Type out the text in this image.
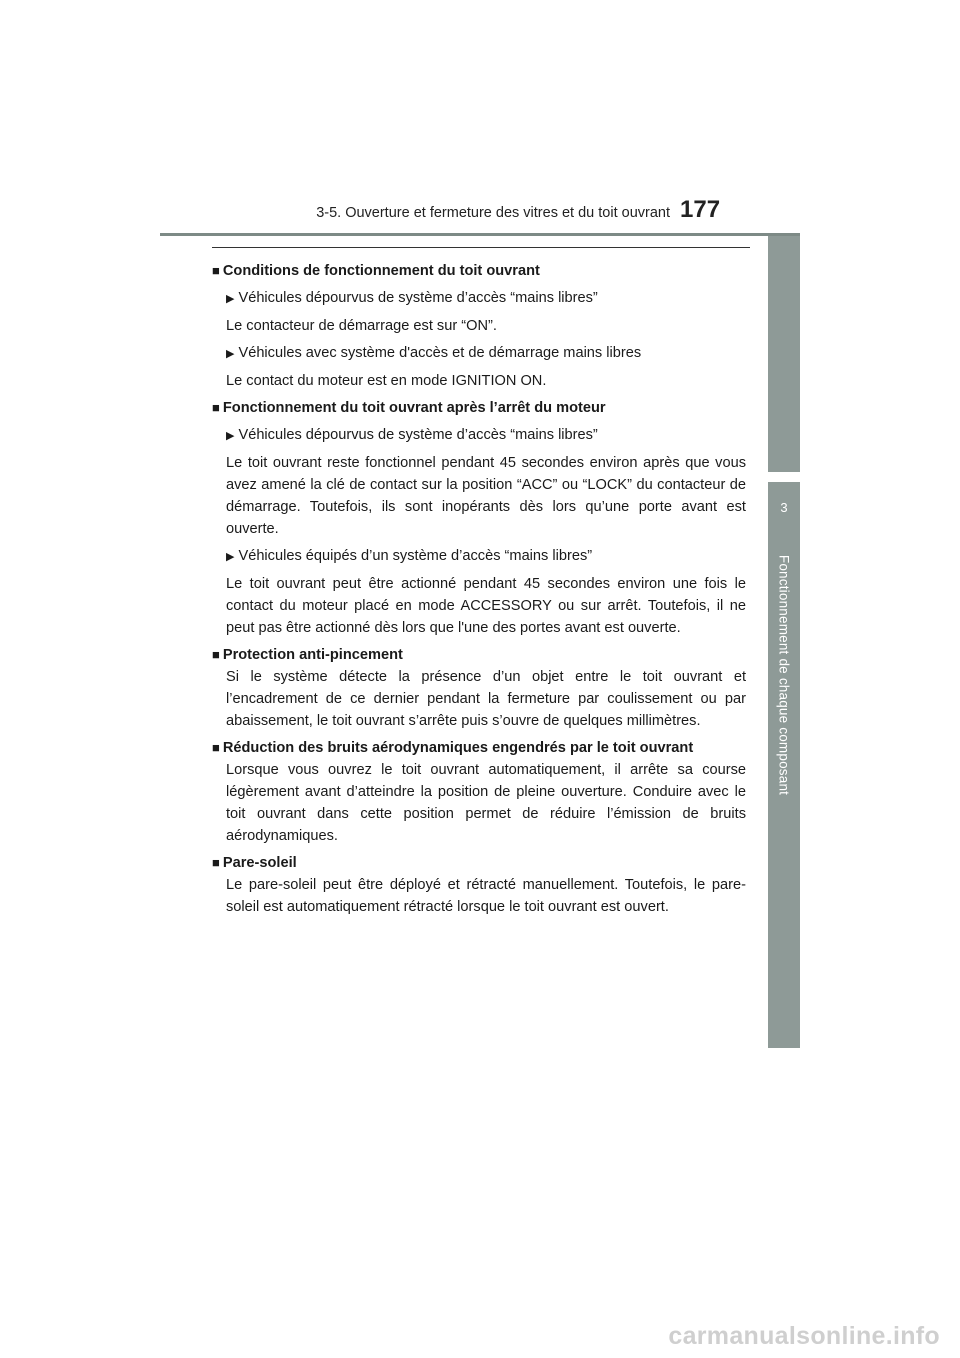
3-5. Ouverture et fermeture des vitres et du toit ouvrant 177
3
Fonctionnement de chaque composant

■ Conditions de fonctionnement du toit ouvrant

▶ Véhicules dépourvus de système d’accès “mains libres”

Le contacteur de démarrage est sur “ON”.

▶ Véhicules avec système d'accès et de démarrage mains libres

Le contact du moteur est en mode IGNITION ON.

■ Fonctionnement du toit ouvrant après l’arrêt du moteur

▶ Véhicules dépourvus de système d’accès “mains libres”

Le toit ouvrant reste fonctionnel pendant 45 secondes environ après que vous avez amené la clé de contact sur la position “ACC” ou “LOCK” du contacteur de démarrage. Toutefois, ils sont inopérants dès lors qu’une porte avant est ouverte.

▶ Véhicules équipés d’un système d’accès “mains libres”

Le toit ouvrant peut être actionné pendant 45 secondes environ une fois le contact du moteur placé en mode ACCESSORY ou sur arrêt. Toutefois, il ne peut pas être actionné dès lors que l'une des portes avant est ouverte.

■ Protection anti-pincement

Si le système détecte la présence d’un objet entre le toit ouvrant et l’encadrement de ce dernier pendant la fermeture par coulissement ou par abaissement, le toit ouvrant s’arrête puis s’ouvre de quelques millimètres.

■ Réduction des bruits aérodynamiques engendrés par le toit ouvrant

Lorsque vous ouvrez le toit ouvrant automatiquement, il arrête sa course légèrement avant d’atteindre la position de pleine ouverture. Conduire avec le toit ouvrant dans cette position permet de réduire l’émission de bruits aérodynamiques.

■ Pare-soleil

Le pare-soleil peut être déployé et rétracté manuellement. Toutefois, le pare-soleil est automatiquement rétracté lorsque le toit ouvrant est ouvert.

carmanualsonline.info
